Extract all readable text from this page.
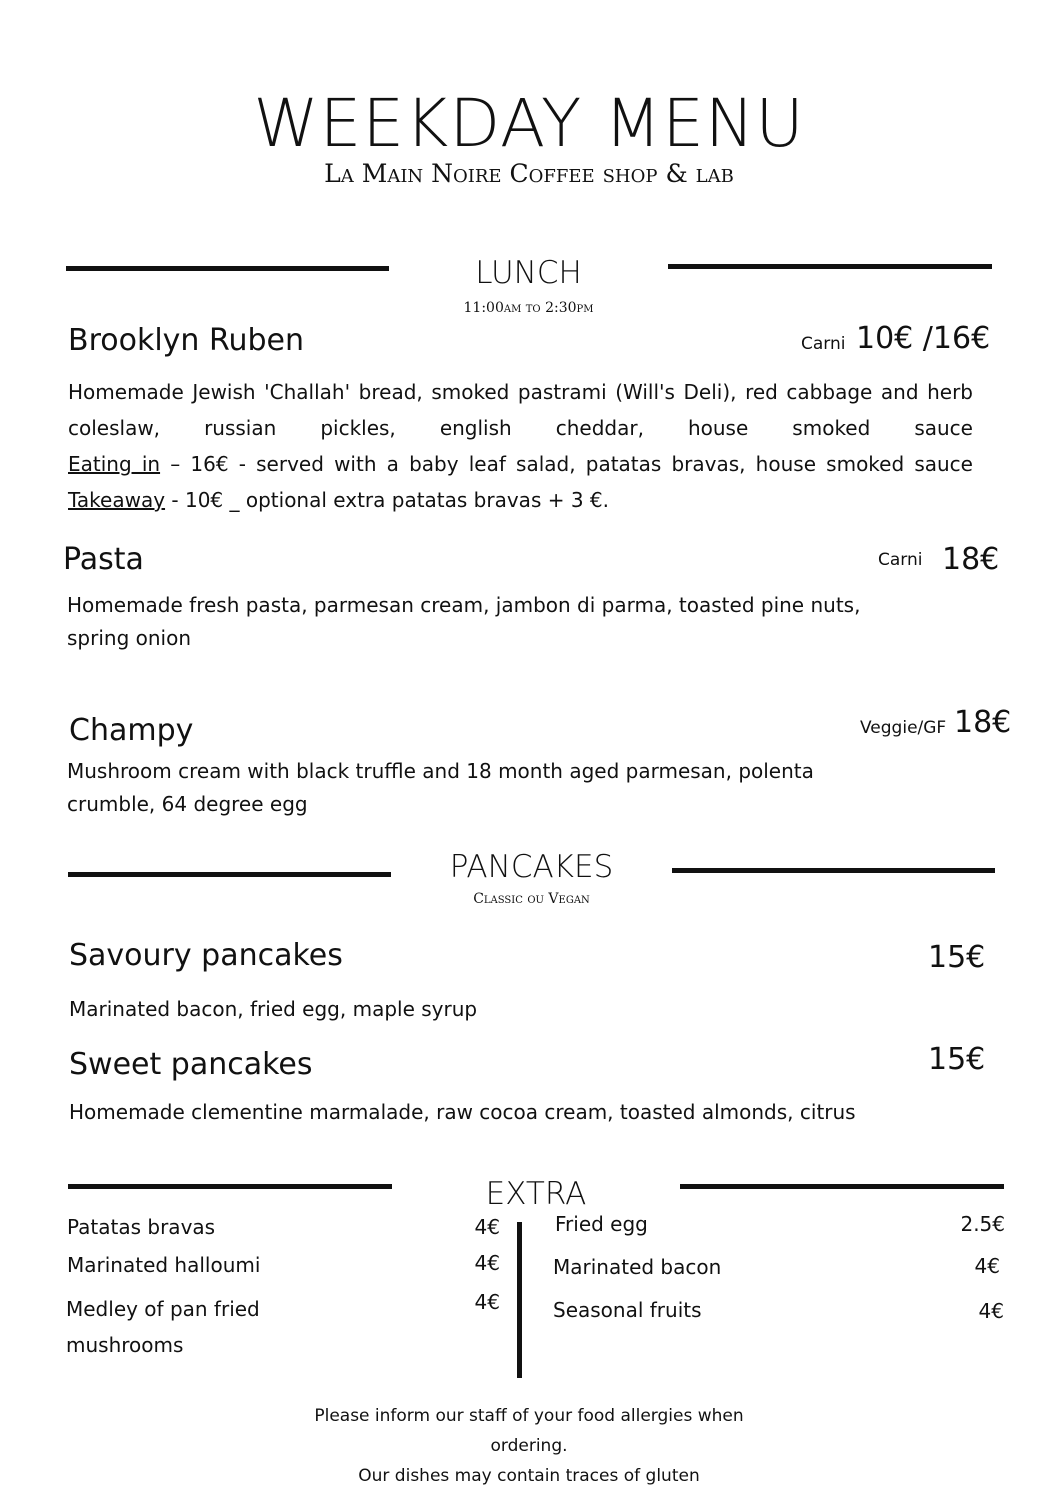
WEEKDAY MENU
La Main Noire Coffee shop & lab
LUNCH
11:00am to 2:30pm
Brooklyn Ruben	Carni 10€ /16€
Homemade Jewish 'Challah' bread, smoked pastrami (Will's Deli), red cabbage and herb coleslaw, russian pickles, english cheddar, house smoked sauce
Eating in – 16€ - served with a baby leaf salad, patatas bravas, house smoked sauce
Takeaway - 10€ _ optional extra patatas bravas + 3 €.
Pasta	Carni 18€
Homemade fresh pasta, parmesan cream, jambon di parma, toasted pine nuts, spring onion
Champy	Veggie/GF 18€
Mushroom cream with black truffle and 18 month aged parmesan, polenta crumble, 64 degree egg
PANCAKES
Classic ou Vegan
Savoury pancakes	15€
Marinated bacon, fried egg, maple syrup
Sweet pancakes	15€
Homemade clementine marmalade, raw cocoa cream, toasted almonds, citrus
EXTRA
Patatas bravas	4€
Marinated halloumi	4€
Medley of pan fried mushrooms
4€
Fried egg	2.5€
Marinated bacon	4€
Seasonal fruits	4€
Please inform our staff of your food allergies when
ordering.
Our dishes may contain traces of gluten
